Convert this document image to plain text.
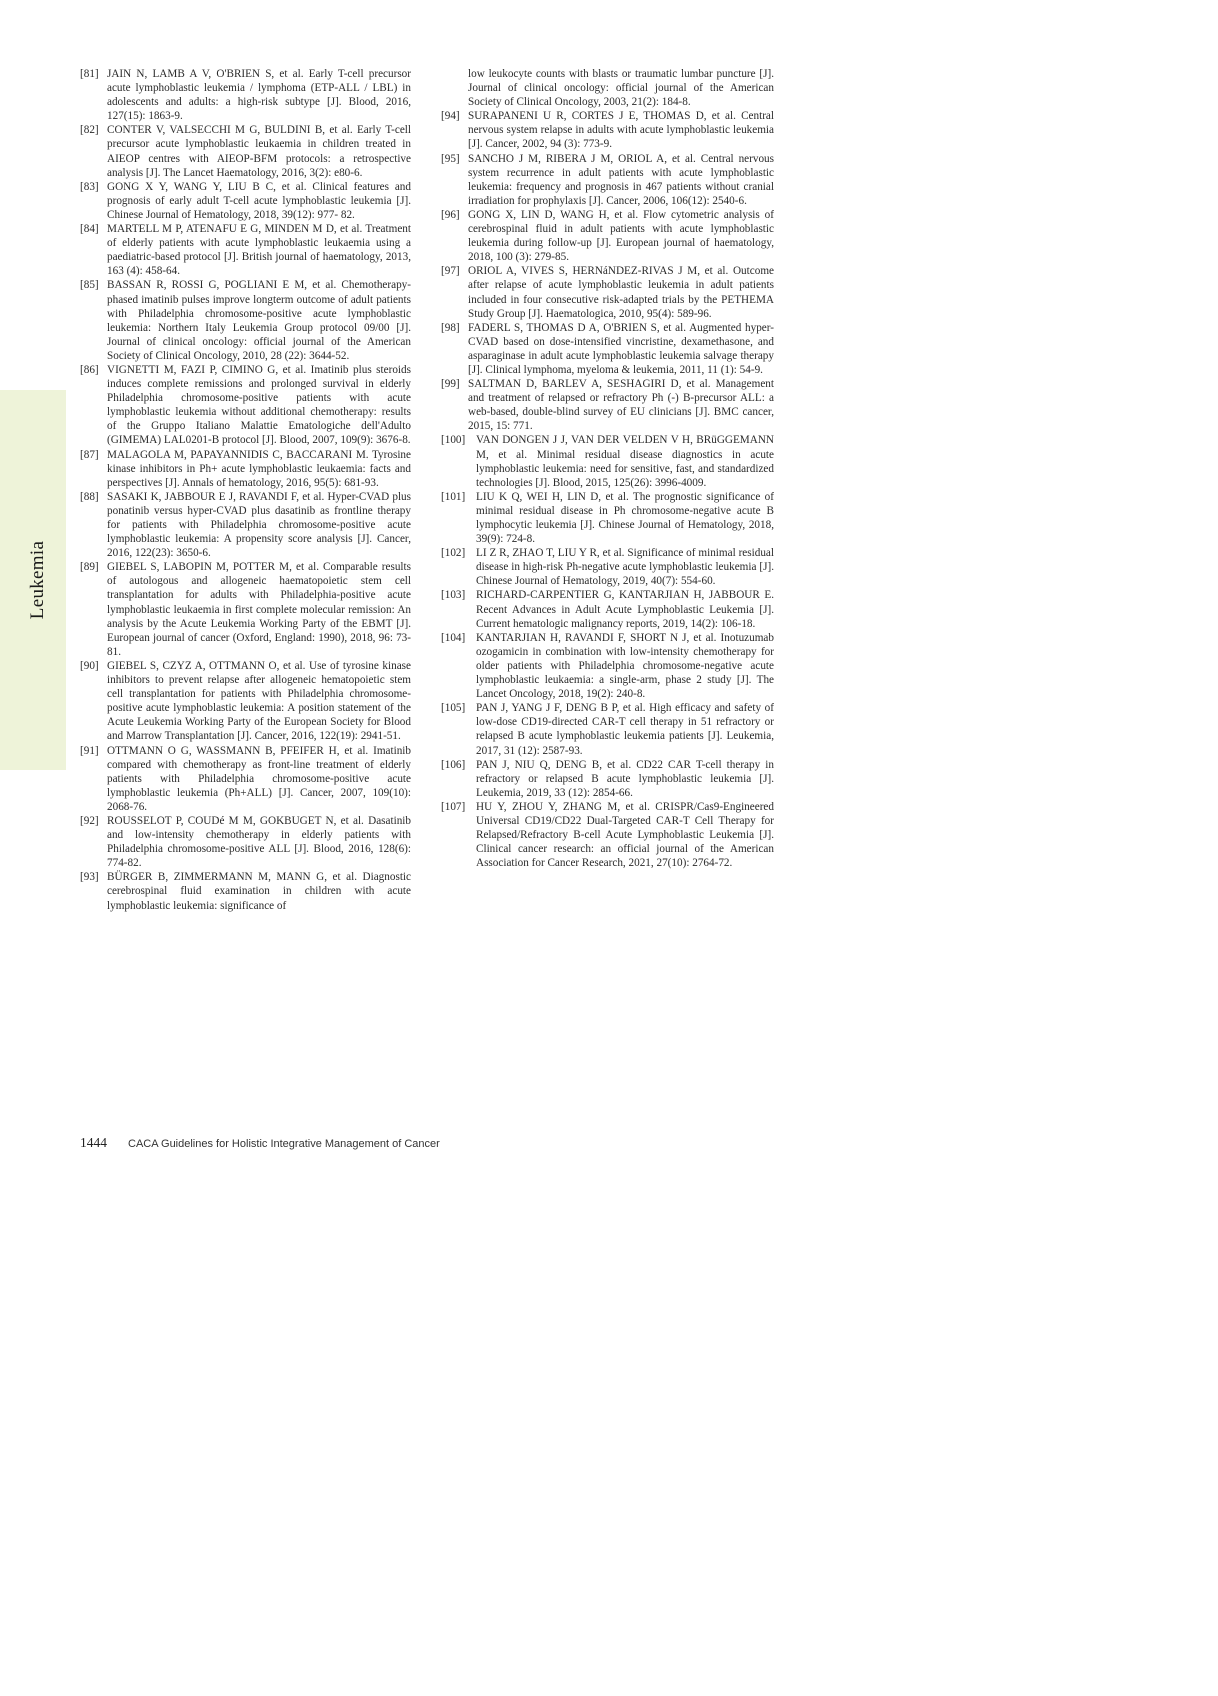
Leukemia
[81] JAIN N, LAMB A V, O'BRIEN S, et al. Early T-cell precursor acute lymphoblastic leukemia / lymphoma (ETP-ALL / LBL) in adolescents and adults: a high-risk subtype [J]. Blood, 2016, 127(15): 1863-9.
[82] CONTER V, VALSECCHI M G, BULDINI B, et al. Early T-cell precursor acute lymphoblastic leukaemia in children treated in AIEOP centres with AIEOP-BFM protocols: a retrospective analysis [J]. The Lancet Haematology, 2016, 3(2): e80-6.
[83] GONG X Y, WANG Y, LIU B C, et al. Clinical features and prognosis of early adult T-cell acute lymphoblastic leukemia [J]. Chinese Journal of Hematology, 2018, 39(12): 977- 82.
[84] MARTELL M P, ATENAFU E G, MINDEN M D, et al. Treatment of elderly patients with acute lymphoblastic leukaemia using a paediatric-based protocol [J]. British journal of haematology, 2013, 163 (4): 458-64.
[85] BASSAN R, ROSSI G, POGLIANI E M, et al. Chemotherapy-phased imatinib pulses improve longterm outcome of adult patients with Philadelphia chromosome-positive acute lymphoblastic leukemia: Northern Italy Leukemia Group protocol 09/00 [J]. Journal of clinical oncology: official journal of the American Society of Clinical Oncology, 2010, 28 (22): 3644-52.
[86] VIGNETTI M, FAZI P, CIMINO G, et al. Imatinib plus steroids induces complete remissions and prolonged survival in elderly Philadelphia chromosome-positive patients with acute lymphoblastic leukemia without additional chemotherapy: results of the Gruppo Italiano Malattie Ematologiche dell'Adulto (GIMEMA) LAL0201-B protocol [J]. Blood, 2007, 109(9): 3676-8.
[87] MALAGOLA M, PAPAYANNIDIS C, BACCARANI M. Tyrosine kinase inhibitors in Ph+ acute lymphoblastic leukaemia: facts and perspectives [J]. Annals of hematology, 2016, 95(5): 681-93.
[88] SASAKI K, JABBOUR E J, RAVANDI F, et al. Hyper-CVAD plus ponatinib versus hyper-CVAD plus dasatinib as frontline therapy for patients with Philadelphia chromosome-positive acute lymphoblastic leukemia: A propensity score analysis [J]. Cancer, 2016, 122(23): 3650-6.
[89] GIEBEL S, LABOPIN M, POTTER M, et al. Comparable results of autologous and allogeneic haematopoietic stem cell transplantation for adults with Philadelphia-positive acute lymphoblastic leukaemia in first complete molecular remission: An analysis by the Acute Leukemia Working Party of the EBMT [J]. European journal of cancer (Oxford, England: 1990), 2018, 96: 73-81.
[90] GIEBEL S, CZYZ A, OTTMANN O, et al. Use of tyrosine kinase inhibitors to prevent relapse after allogeneic hematopoietic stem cell transplantation for patients with Philadelphia chromosome-positive acute lymphoblastic leukemia: A position statement of the Acute Leukemia Working Party of the European Society for Blood and Marrow Transplantation [J]. Cancer, 2016, 122(19): 2941-51.
[91] OTTMANN O G, WASSMANN B, PFEIFER H, et al. Imatinib compared with chemotherapy as front-line treatment of elderly patients with Philadelphia chromosome-positive acute lymphoblastic leukemia (Ph+ALL) [J]. Cancer, 2007, 109(10): 2068-76.
[92] ROUSSELOT P, COUDé M M, GOKBUGET N, et al. Dasatinib and low-intensity chemotherapy in elderly patients with Philadelphia chromosome-positive ALL [J]. Blood, 2016, 128(6): 774-82.
[93] BÜRGER B, ZIMMERMANN M, MANN G, et al. Diagnostic cerebrospinal fluid examination in children with acute lymphoblastic leukemia: significance of
low leukocyte counts with blasts or traumatic lumbar puncture [J]. Journal of clinical oncology: official journal of the American Society of Clinical Oncology, 2003, 21(2): 184-8.
[94] SURAPANENI U R, CORTES J E, THOMAS D, et al. Central nervous system relapse in adults with acute lymphoblastic leukemia [J]. Cancer, 2002, 94 (3): 773-9.
[95] SANCHO J M, RIBERA J M, ORIOL A, et al. Central nervous system recurrence in adult patients with acute lymphoblastic leukemia: frequency and prognosis in 467 patients without cranial irradiation for prophylaxis [J]. Cancer, 2006, 106(12): 2540-6.
[96] GONG X, LIN D, WANG H, et al. Flow cytometric analysis of cerebrospinal fluid in adult patients with acute lymphoblastic leukemia during follow-up [J]. European journal of haematology, 2018, 100 (3): 279-85.
[97] ORIOL A, VIVES S, HERNáNDEZ-RIVAS J M, et al. Outcome after relapse of acute lymphoblastic leukemia in adult patients included in four consecutive risk-adapted trials by the PETHEMA Study Group [J]. Haematologica, 2010, 95(4): 589-96.
[98] FADERL S, THOMAS D A, O'BRIEN S, et al. Augmented hyper-CVAD based on dose-intensified vincristine, dexamethasone, and asparaginase in adult acute lymphoblastic leukemia salvage therapy [J]. Clinical lymphoma, myeloma & leukemia, 2011, 11 (1): 54-9.
[99] SALTMAN D, BARLEV A, SESHAGIRI D, et al. Management and treatment of relapsed or refractory Ph (-) B-precursor ALL: a web-based, double-blind survey of EU clinicians [J]. BMC cancer, 2015, 15: 771.
[100] VAN DONGEN J J, VAN DER VELDEN V H, BRüGGEMANN M, et al. Minimal residual disease diagnostics in acute lymphoblastic leukemia: need for sensitive, fast, and standardized technologies [J]. Blood, 2015, 125(26): 3996-4009.
[101] LIU K Q, WEI H, LIN D, et al. The prognostic significance of minimal residual disease in Ph chromosome-negative acute B lymphocytic leukemia [J]. Chinese Journal of Hematology, 2018, 39(9): 724-8.
[102] LI Z R, ZHAO T, LIU Y R, et al. Significance of minimal residual disease in high-risk Ph-negative acute lymphoblastic leukemia [J]. Chinese Journal of Hematology, 2019, 40(7): 554-60.
[103] RICHARD-CARPENTIER G, KANTARJIAN H, JABBOUR E. Recent Advances in Adult Acute Lymphoblastic Leukemia [J]. Current hematologic malignancy reports, 2019, 14(2): 106-18.
[104] KANTARJIAN H, RAVANDI F, SHORT N J, et al. Inotuzumab ozogamicin in combination with low-intensity chemotherapy for older patients with Philadelphia chromosome-negative acute lymphoblastic leukaemia: a single-arm, phase 2 study [J]. The Lancet Oncology, 2018, 19(2): 240-8.
[105] PAN J, YANG J F, DENG B P, et al. High efficacy and safety of low-dose CD19-directed CAR-T cell therapy in 51 refractory or relapsed B acute lymphoblastic leukemia patients [J]. Leukemia, 2017, 31 (12): 2587-93.
[106] PAN J, NIU Q, DENG B, et al. CD22 CAR T-cell therapy in refractory or relapsed B acute lymphoblastic leukemia [J]. Leukemia, 2019, 33 (12): 2854-66.
[107] HU Y, ZHOU Y, ZHANG M, et al. CRISPR/Cas9-Engineered Universal CD19/CD22 Dual-Targeted CAR-T Cell Therapy for Relapsed/Refractory B-cell Acute Lymphoblastic Leukemia [J]. Clinical cancer research: an official journal of the American Association for Cancer Research, 2021, 27(10): 2764-72.
1444 CACA Guidelines for Holistic Integrative Management of Cancer
